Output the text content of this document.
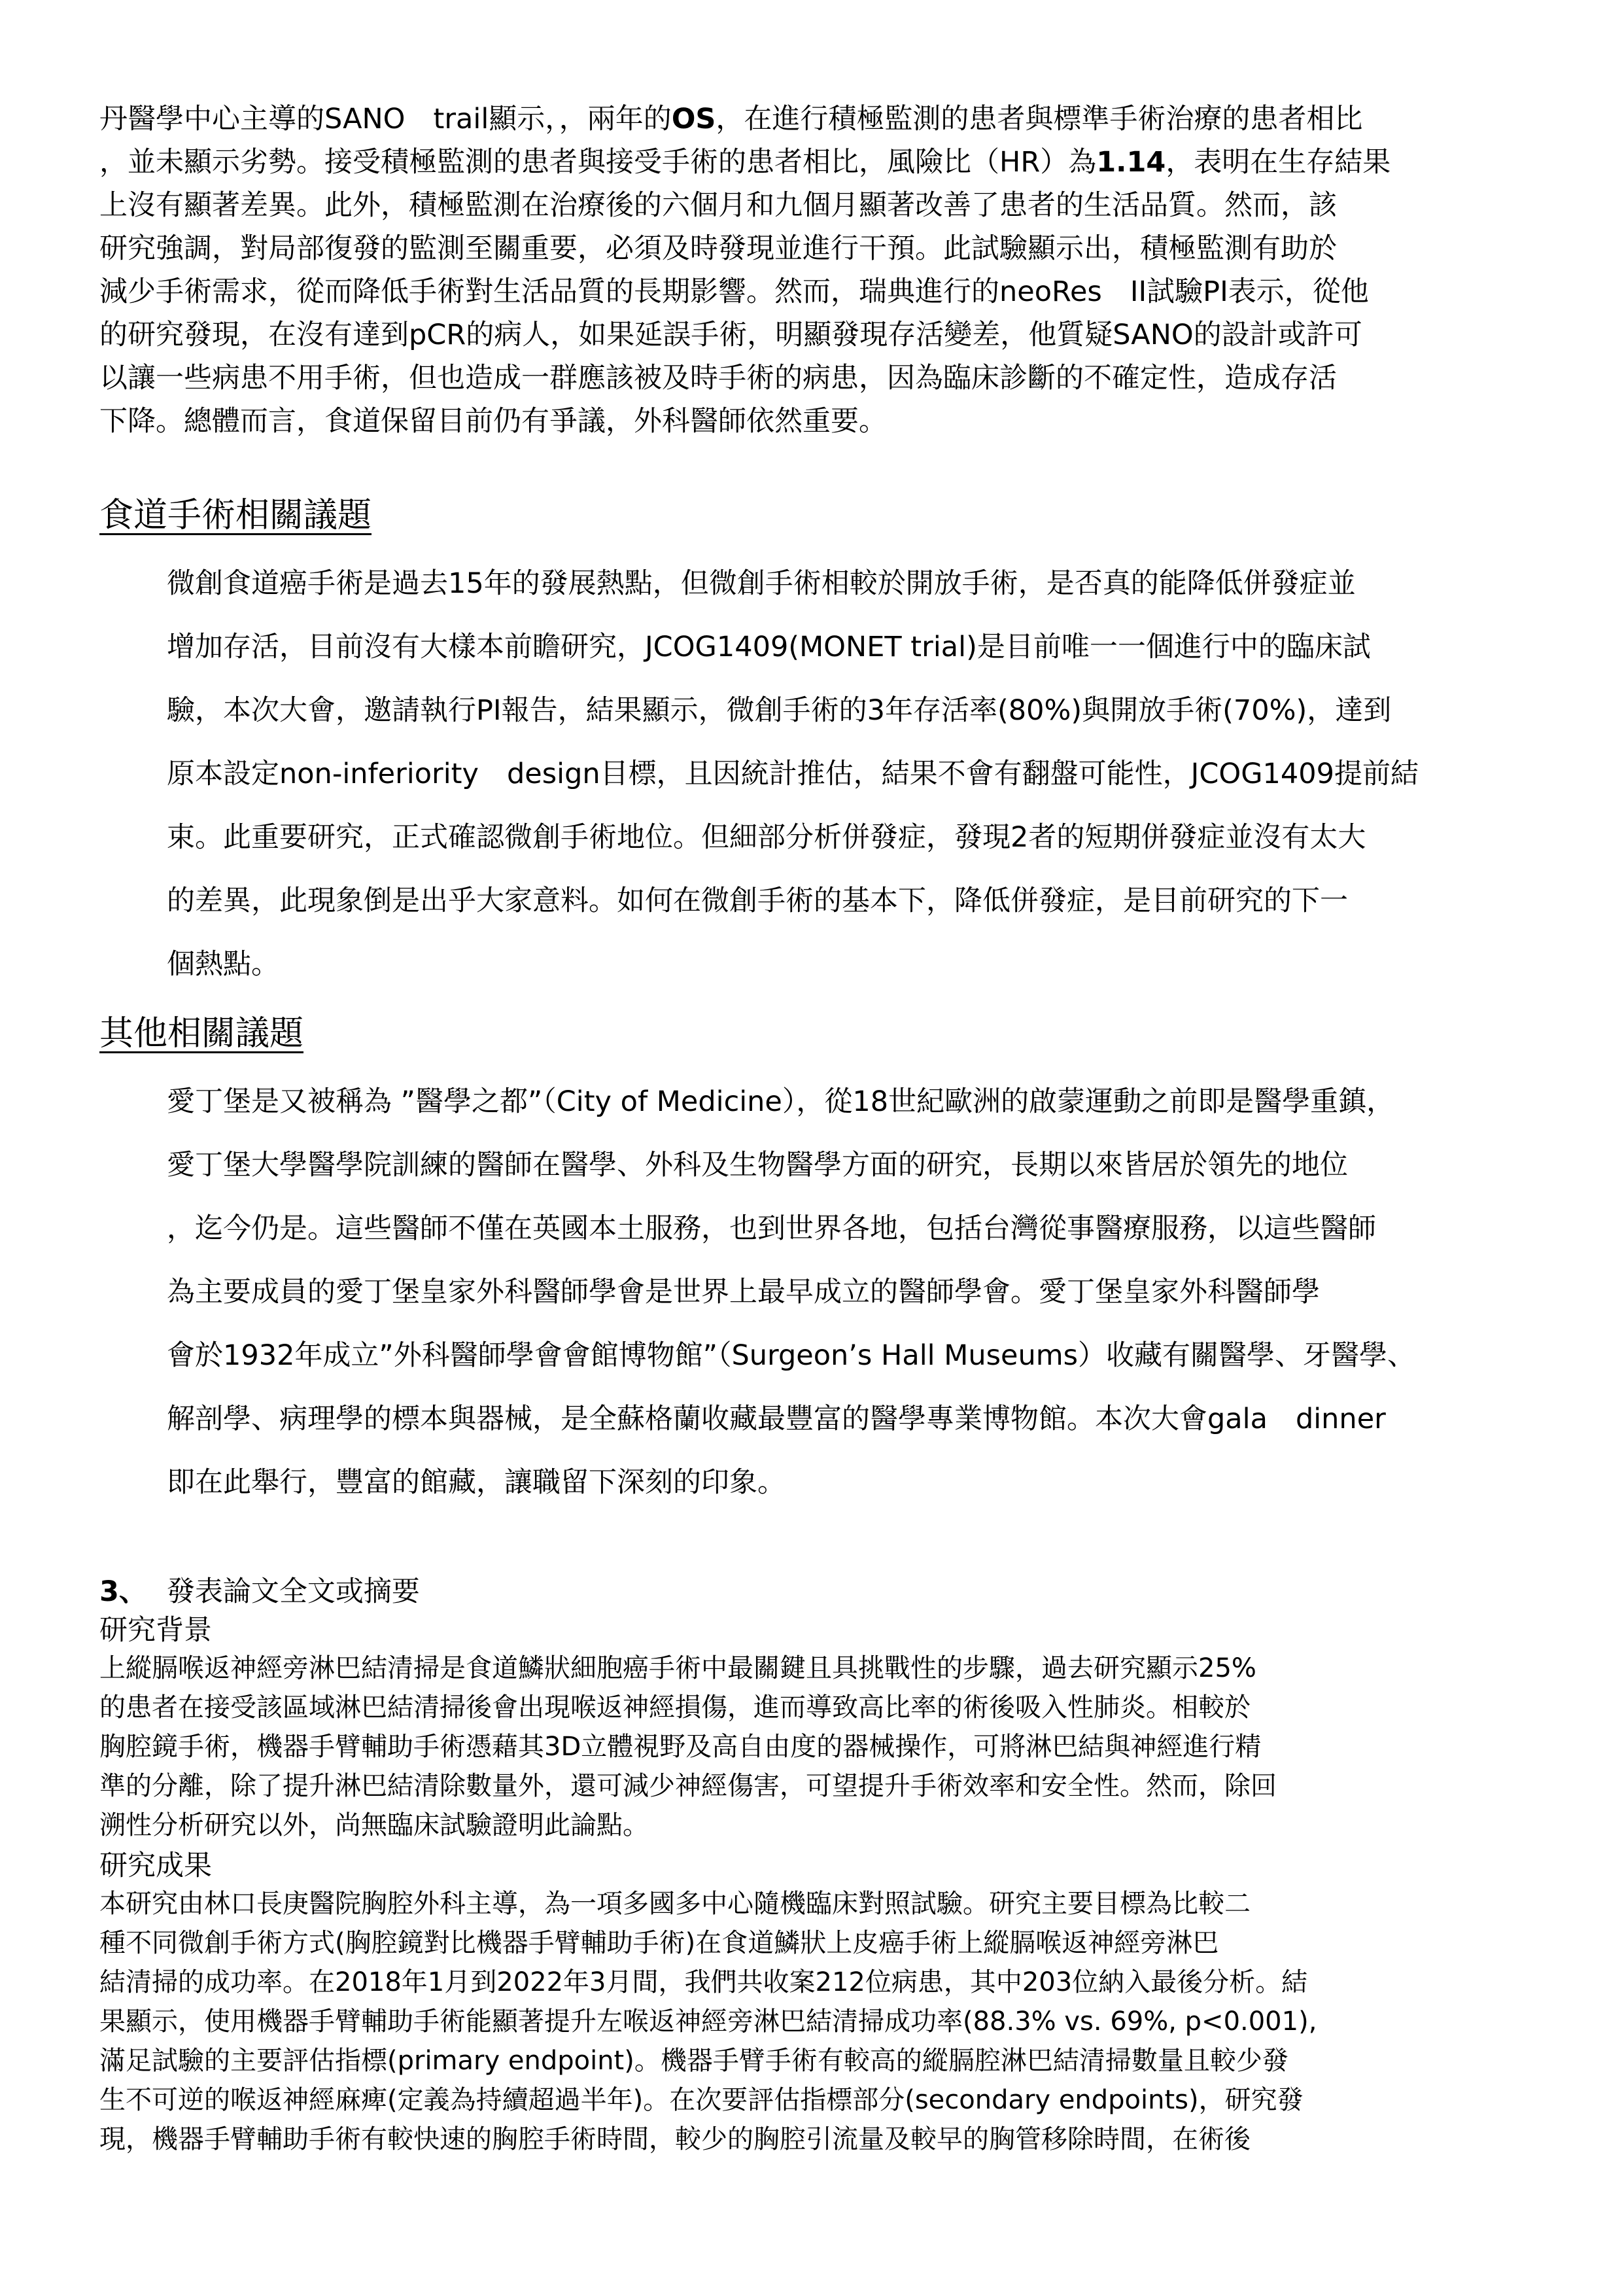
丹醫學中心主導的SANO　trail顯示，，兩年的OS，在進行積極監測的患者與標準手術治療的患者相比
，並未顯示劣勢。接受積極監測的患者與接受手術的患者相比，風險比（HR）為1.14，表明在生存結果
上沒有顯著差異。此外，積極監測在治療後的六個月和九個月顯著改善了患者的生活品質。然而，該
研究強調，對局部復發的監測至關重要，必須及時發現並進行干預。此試驗顯示出，積極監測有助於
減少手術需求，從而降低手術對生活品質的長期影響。然而，瑞典進行的neoRes　II試驗PI表示，從他
的研究發現，在沒有達到pCR的病人，如果延誤手術，明顯發現存活變差，他質疑SANO的設計或許可
以讓一些病患不用手術，但也造成一群應該被及時手術的病患，因為臨床診斷的不確定性，造成存活
下降。總體而言，食道保留目前仍有爭議，外科醫師依然重要。
食道手術相關議題
微創食道癌手術是過去15年的發展熱點，但微創手術相較於開放手術，是否真的能降低併發症並
增加存活，目前沒有大樣本前瞻研究，JCOG1409(MONET trial)是目前唯一一個進行中的臨床試
驗，本次大會，邀請執行PI報告，結果顯示，微創手術的3年存活率(80%)與開放手術(70%)，達到
原本設定non-inferiority　design目標，且因統計推估，結果不會有翻盤可能性，JCOG1409提前結
束。此重要研究，正式確認微創手術地位。但細部分析併發症，發現2者的短期併發症並沒有太大
的差異，此現象倒是出乎大家意料。如何在微創手術的基本下，降低併發症，是目前研究的下一
個熱點。
其他相關議題
愛丁堡是又被稱為 ”醫學之都”（City of Medicine），從18世紀歐洲的啟蒙運動之前即是醫學重鎮，
愛丁堡大學醫學院訓練的醫師在醫學、外科及生物醫學方面的研究，長期以來皆居於領先的地位
，迄今仍是。這些醫師不僅在英國本土服務，也到世界各地，包括台灣從事醫療服務，以這些醫師
為主要成員的愛丁堡皇家外科醫師學會是世界上最早成立的醫師學會。愛丁堡皇家外科醫師學
會於1932年成立”外科醫師學會會館博物館”（Surgeon’s Hall Museums）收藏有關醫學、牙醫學、
解剖學、病理學的標本與器械，是全蘇格蘭收藏最豐富的醫學專業博物館。本次大會gala　dinner
即在此舉行，豐富的館藏，讓職留下深刻的印象。
3、 發表論文全文或摘要
研究背景
上縱膈喉返神經旁淋巴結清掃是食道鱗狀細胞癌手術中最關鍵且具挑戰性的步驟，過去研究顯示25%
的患者在接受該區域淋巴結清掃後會出現喉返神經損傷，進而導致高比率的術後吸入性肺炎。相較於
胸腔鏡手術，機器手臂輔助手術憑藉其3D立體視野及高自由度的器械操作，可將淋巴結與神經進行精
準的分離，除了提升淋巴結清除數量外，還可減少神經傷害，可望提升手術效率和安全性。然而，除回
溯性分析研究以外，尚無臨床試驗證明此論點。
研究成果
本研究由林口長庚醫院胸腔外科主導，為一項多國多中心隨機臨床對照試驗。研究主要目標為比較二
種不同微創手術方式(胸腔鏡對比機器手臂輔助手術)在食道鱗狀上皮癌手術上縱膈喉返神經旁淋巴
結清掃的成功率。在2018年1月到2022年3月間，我們共收案212位病患，其中203位納入最後分析。結
果顯示，使用機器手臂輔助手術能顯著提升左喉返神經旁淋巴結清掃成功率(88.3% vs. 69%, p<0.001),
滿足試驗的主要評估指標(primary endpoint)。機器手臂手術有較高的縱膈腔淋巴結清掃數量且較少發
生不可逆的喉返神經麻痺(定義為持續超過半年)。在次要評估指標部分(secondary endpoints)，研究發
現，機器手臂輔助手術有較快速的胸腔手術時間，較少的胸腔引流量及較早的胸管移除時間，在術後
